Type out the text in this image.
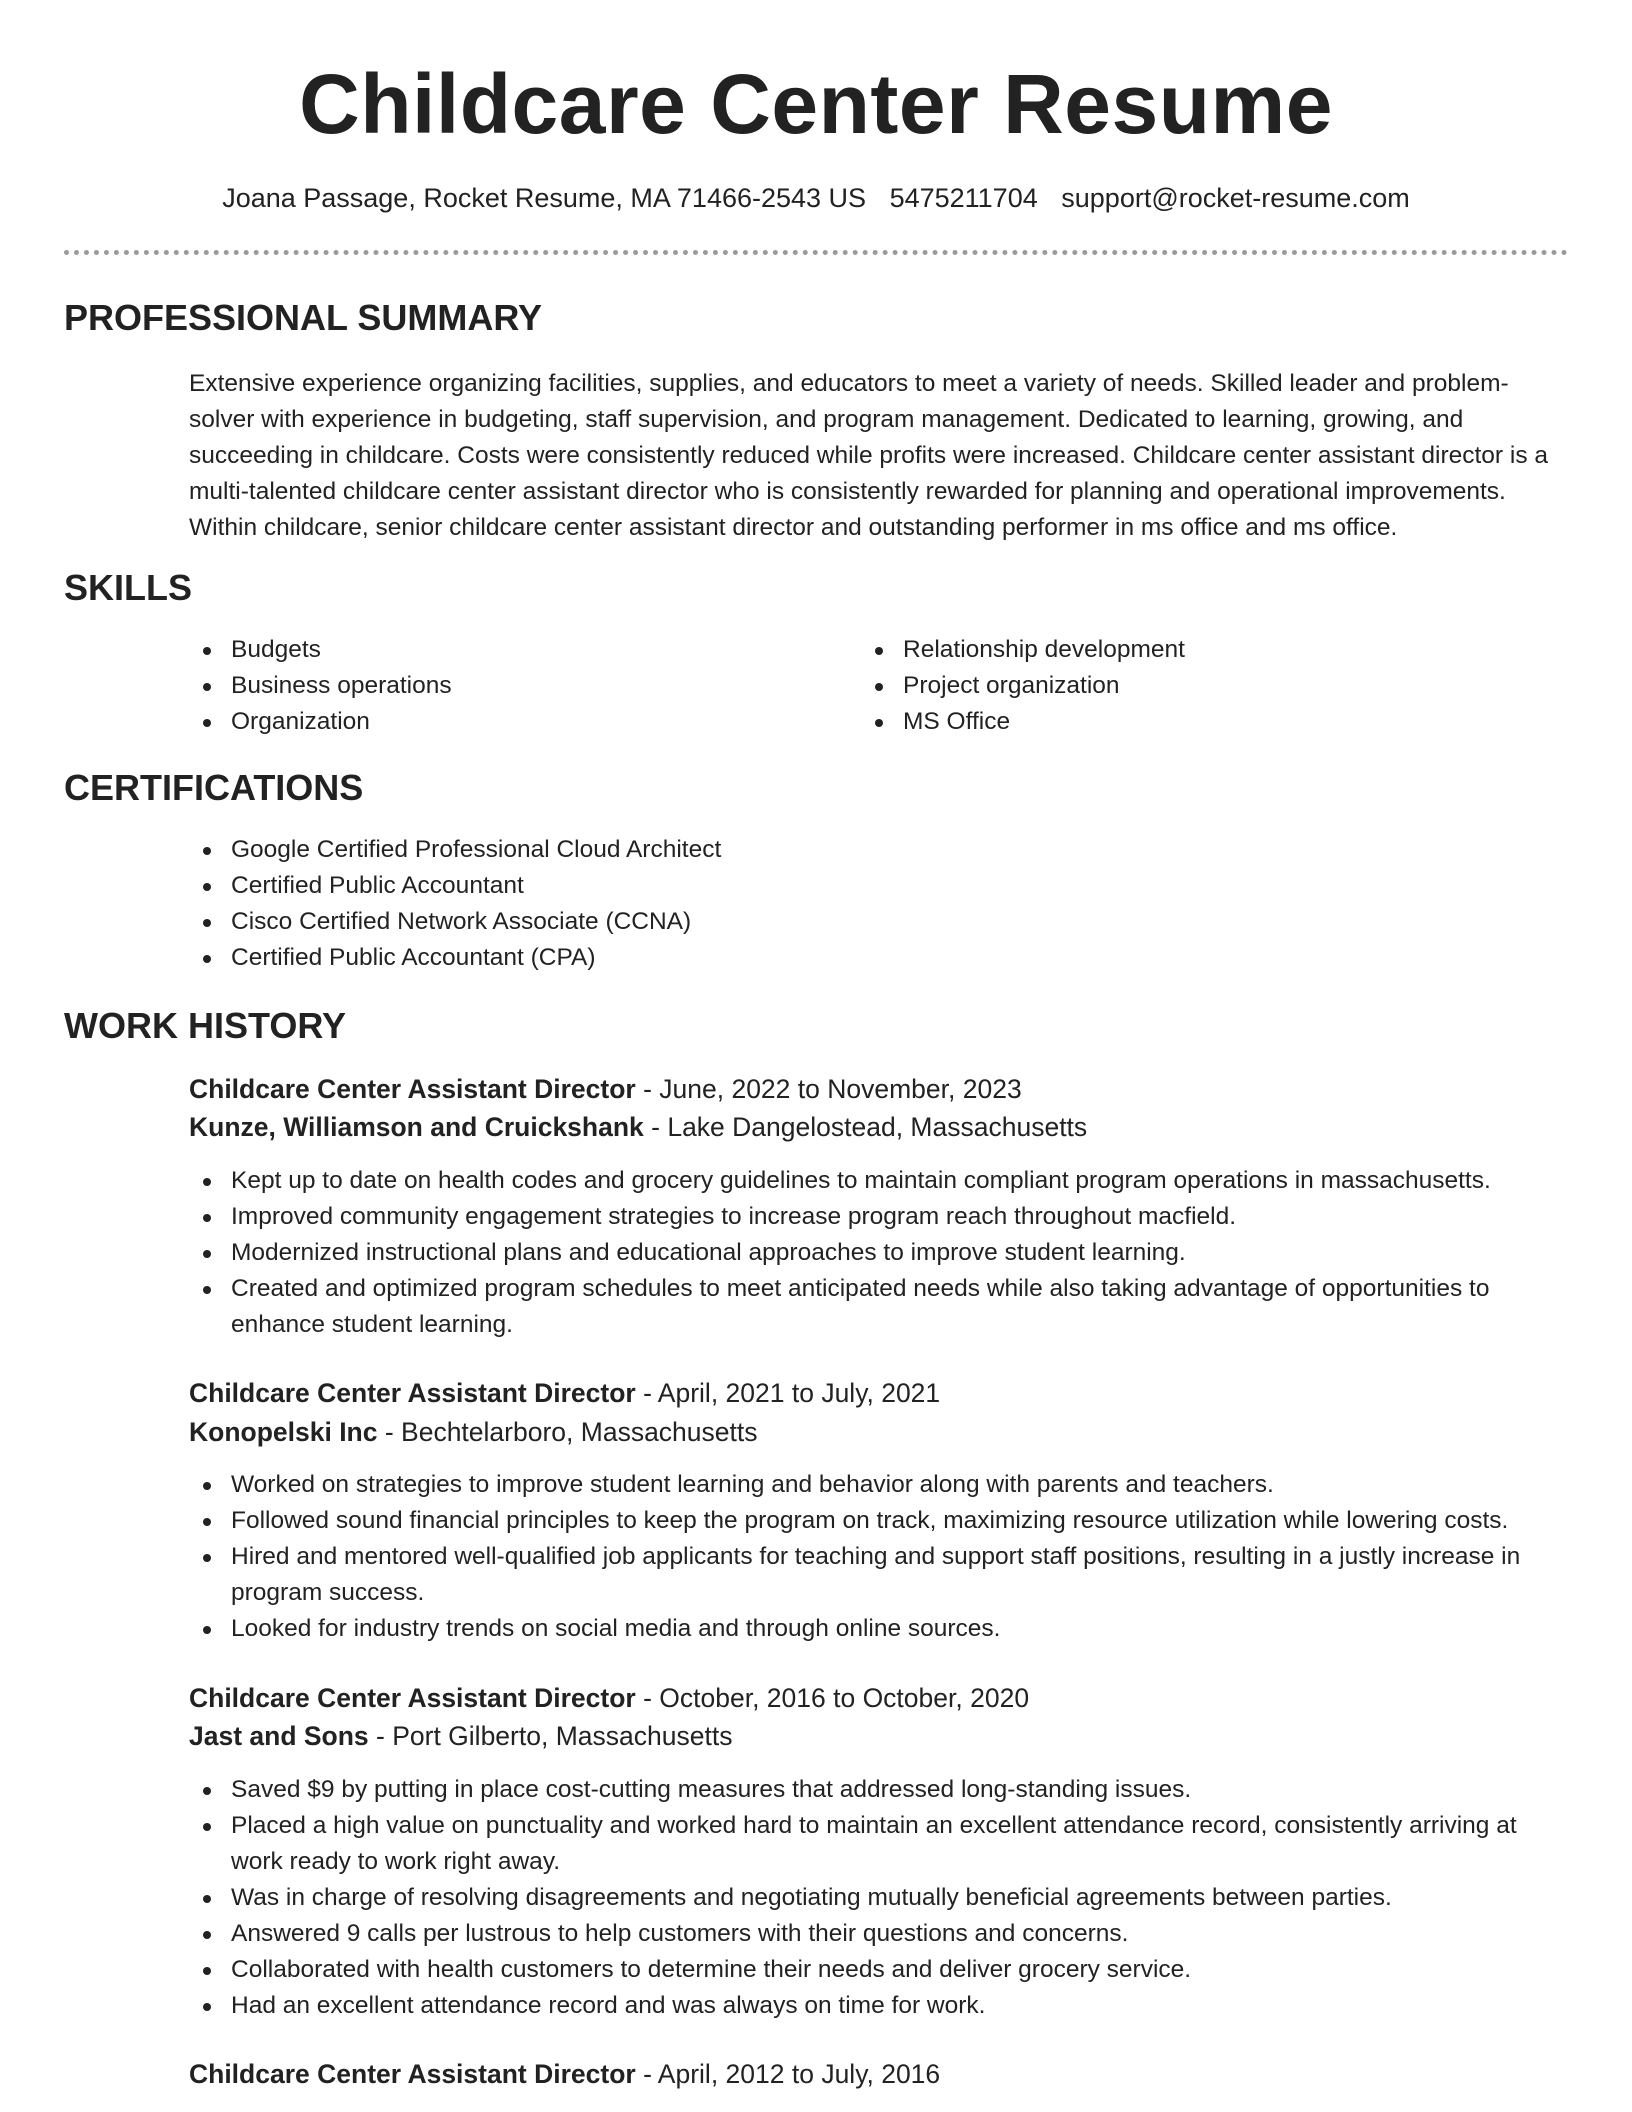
Childcare Center Resume
Joana Passage, Rocket Resume, MA 71466-2543 US 5475211704 support@rocket-resume.com
PROFESSIONAL SUMMARY
Extensive experience organizing facilities, supplies, and educators to meet a variety of needs. Skilled leader and problem-solver with experience in budgeting, staff supervision, and program management. Dedicated to learning, growing, and succeeding in childcare. Costs were consistently reduced while profits were increased. Childcare center assistant director is a multi-talented childcare center assistant director who is consistently rewarded for planning and operational improvements. Within childcare, senior childcare center assistant director and outstanding performer in ms office and ms office.
SKILLS
Budgets
Business operations
Organization
Relationship development
Project organization
MS Office
CERTIFICATIONS
Google Certified Professional Cloud Architect
Certified Public Accountant
Cisco Certified Network Associate (CCNA)
Certified Public Accountant (CPA)
WORK HISTORY
Childcare Center Assistant Director - June, 2022 to November, 2023
Kunze, Williamson and Cruickshank - Lake Dangelostead, Massachusetts
Kept up to date on health codes and grocery guidelines to maintain compliant program operations in massachusetts.
Improved community engagement strategies to increase program reach throughout macfield.
Modernized instructional plans and educational approaches to improve student learning.
Created and optimized program schedules to meet anticipated needs while also taking advantage of opportunities to enhance student learning.
Childcare Center Assistant Director - April, 2021 to July, 2021
Konopelski Inc - Bechtelarboro, Massachusetts
Worked on strategies to improve student learning and behavior along with parents and teachers.
Followed sound financial principles to keep the program on track, maximizing resource utilization while lowering costs.
Hired and mentored well-qualified job applicants for teaching and support staff positions, resulting in a justly increase in program success.
Looked for industry trends on social media and through online sources.
Childcare Center Assistant Director - October, 2016 to October, 2020
Jast and Sons - Port Gilberto, Massachusetts
Saved $9 by putting in place cost-cutting measures that addressed long-standing issues.
Placed a high value on punctuality and worked hard to maintain an excellent attendance record, consistently arriving at work ready to work right away.
Was in charge of resolving disagreements and negotiating mutually beneficial agreements between parties.
Answered 9 calls per lustrous to help customers with their questions and concerns.
Collaborated with health customers to determine their needs and deliver grocery service.
Had an excellent attendance record and was always on time for work.
Childcare Center Assistant Director - April, 2012 to July, 2016
